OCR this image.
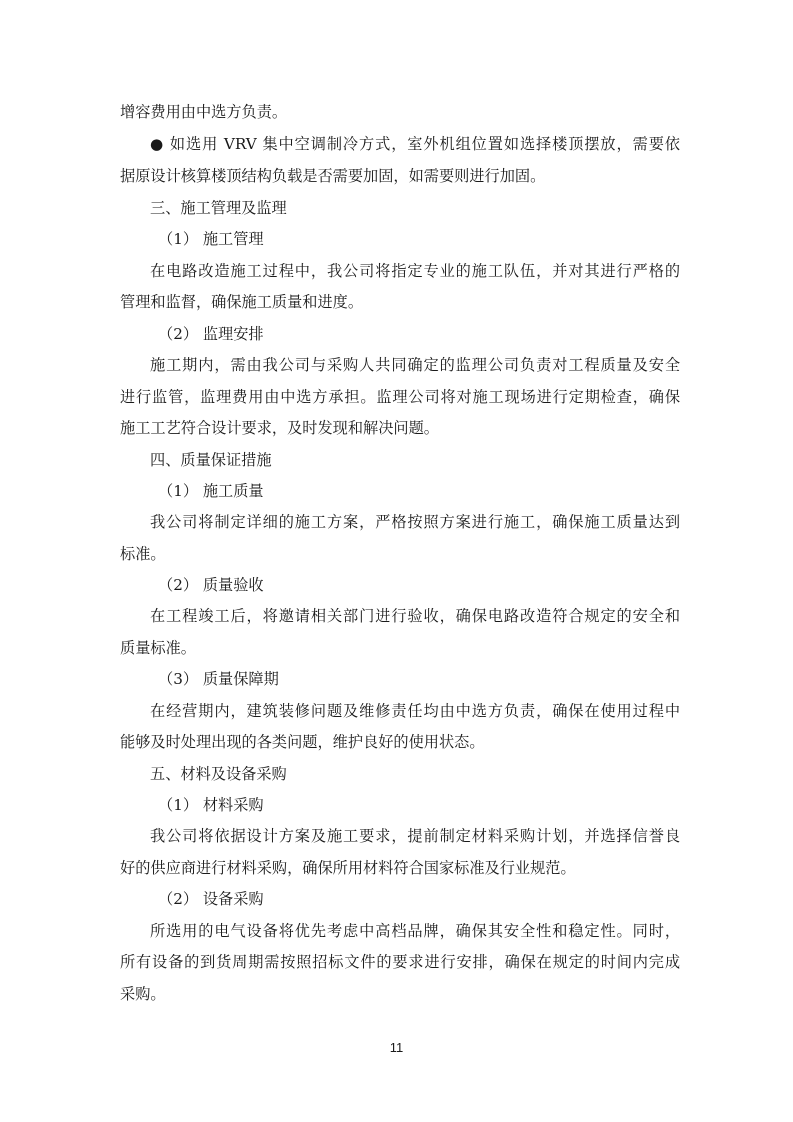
增容费用由中选方负责。
● 如选用 VRV 集中空调制冷方式，室外机组位置如选择楼顶摆放，需要依
据原设计核算楼顶结构负载是否需要加固，如需要则进行加固。
三、施工管理及监理
（1） 施工管理
在电路改造施工过程中，我公司将指定专业的施工队伍，并对其进行严格的
管理和监督，确保施工质量和进度。
（2） 监理安排
施工期内，需由我公司与采购人共同确定的监理公司负责对工程质量及安全
进行监管，监理费用由中选方承担。监理公司将对施工现场进行定期检查，确保
施工工艺符合设计要求，及时发现和解决问题。
四、质量保证措施
（1） 施工质量
我公司将制定详细的施工方案，严格按照方案进行施工，确保施工质量达到
标准。
（2） 质量验收
在工程竣工后，将邀请相关部门进行验收，确保电路改造符合规定的安全和
质量标准。
（3） 质量保障期
在经营期内，建筑装修问题及维修责任均由中选方负责，确保在使用过程中
能够及时处理出现的各类问题，维护良好的使用状态。
五、材料及设备采购
（1） 材料采购
我公司将依据设计方案及施工要求，提前制定材料采购计划，并选择信誉良
好的供应商进行材料采购，确保所用材料符合国家标准及行业规范。
（2） 设备采购
所选用的电气设备将优先考虑中高档品牌，确保其安全性和稳定性。同时，
所有设备的到货周期需按照招标文件的要求进行安排，确保在规定的时间内完成
采购。
11
